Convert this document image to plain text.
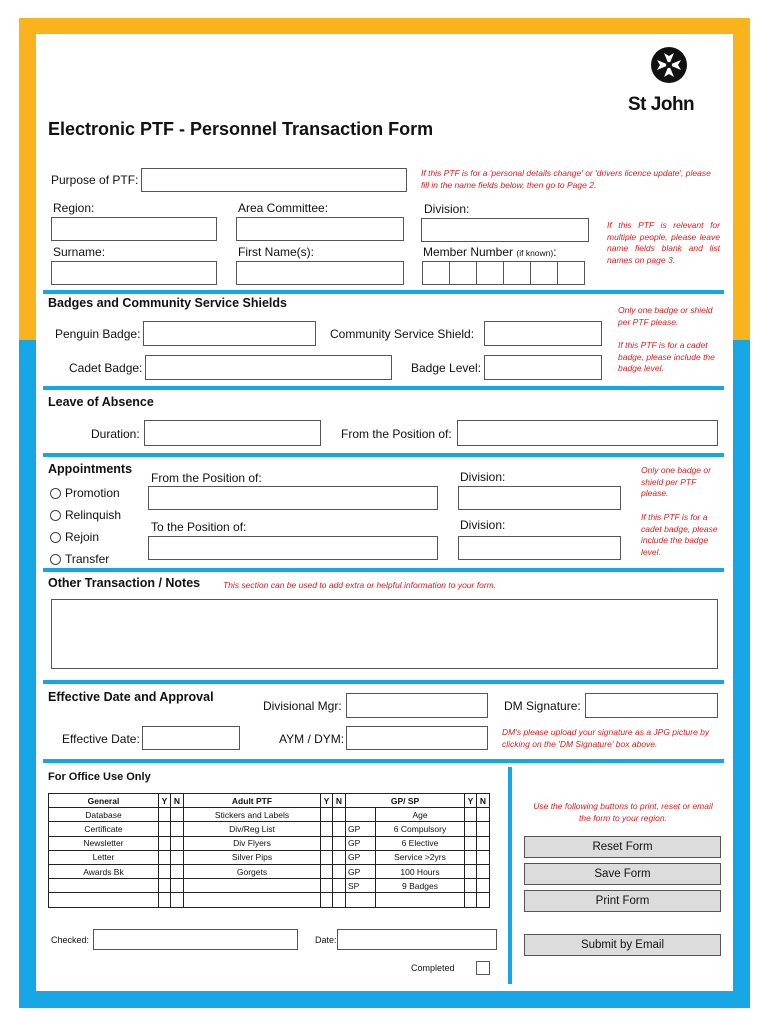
St John
Electronic PTF - Personnel Transaction Form
Purpose of PTF:	If this PTF is for a 'personal details change' or 'drivers licence update', please fill in the name fields below, then go to Page 2.
Region:	Area Committee:	Division:
If this PTF is relevant for multiple people, please leave name fields blank and list names on page 3.
Surname:	First Name(s):	Member Number (if known):
Badges and Community Service Shields	Only one badge or shield per PTF please.
If this PTF is for a cadet badge, please include the badge level.
Penguin Badge:	Community Service Shield:
Cadet Badge:	Badge Level:
Leave of Absence
Duration:	From the Position of:
Appointments
Promotion
Relinquish
Rejoin
Transfer
From the Position of:	Division:
To the Position of:	Division:
Only one badge or shield per PTF please.
If this PTF is for a cadet badge, please include the badge level.
Other Transaction / Notes	This section can be used to add extra or helpful information to your form.
Effective Date and Approval
Divisional Mgr:	DM Signature:
Effective Date:	AYM / DYM:	DM's please upload your signature as a JPG picture by clicking on the 'DM Signature' box above.
For Office Use Only
General	Y	N	Adult PTF	Y	N	GP/ SP		Y	N
Database			Stickers and Labels				Age		
Certificate			Div/Reg List			GP	6 Compulsory		
Newsletter			Div Flyers			GP	6 Elective		
Letter			Silver Pips			GP	Service >2yrs		
Awards Bk			Gorgets			GP	100 Hours		
						SP	9 Badges		

Checked:	Date:
Completed
Use the following buttons to print, reset or email the form to your region.
Reset Form
Save Form
Print Form
Submit by Email
